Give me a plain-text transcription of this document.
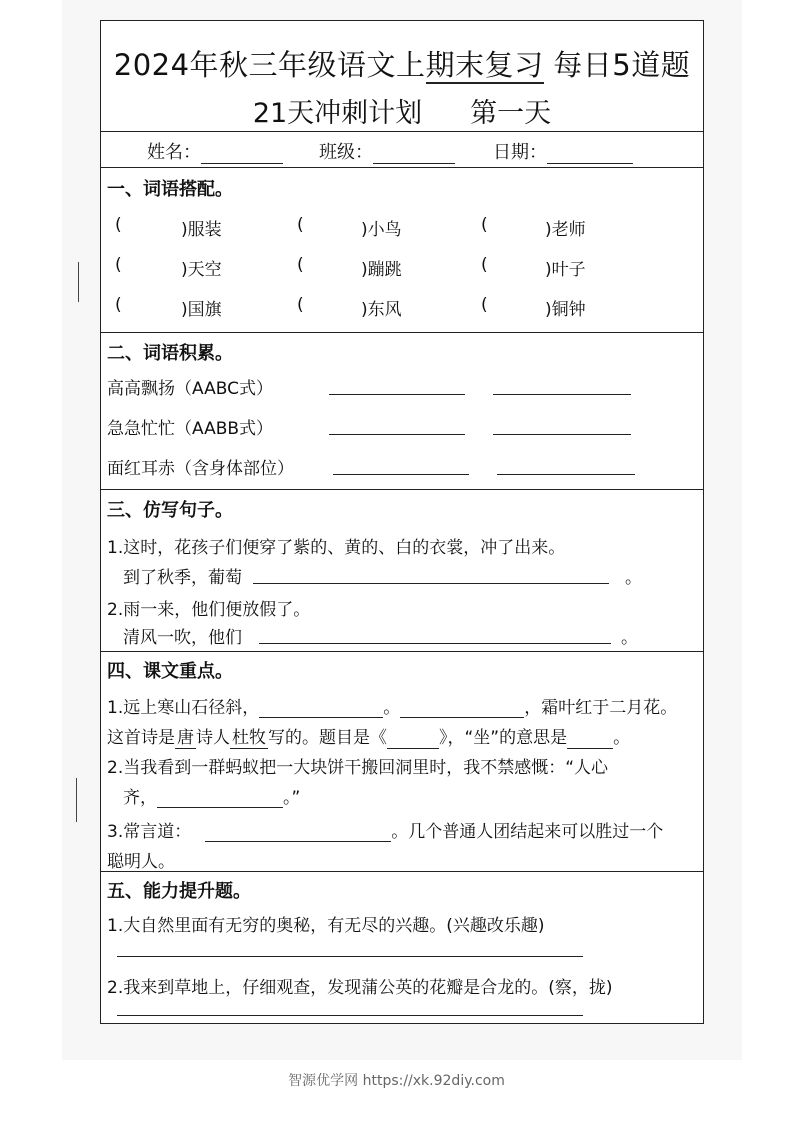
2024年秋三年级语文上期末复习 每日5道题
21天冲刺计划 第一天
姓名：	班级：	日期：
一、词语搭配。
(	)服装	(	)小鸟	(	)老师
(	)天空	(	)蹦跳	(	)叶子
(	)国旗	(	)东风	(	)铜钟
二、词语积累。
高高飘扬（AABC式）
急急忙忙（AABB式）
面红耳赤（含身体部位）
三、仿写句子。
1.这时，花孩子们便穿了紫的、黄的、白的衣裳，冲了出来。
到了秋季，葡萄	。
2.雨一来，他们便放假了。
清风一吹，他们	。
四、课文重点。
1.远上寒山石径斜，	。	，霜叶红于二月花。
这首诗是 唐 诗人 杜牧 写的。题目是《	》，“坐”的意思是	。
2.当我看到一群蚂蚁把一大块饼干搬回洞里时，我不禁感慨：“人心
齐，	。”
3.常言道：	。几个普通人团结起来可以胜过一个
聪明人。
五、能力提升题。
1.大自然里面有无穷的奥秘，有无尽的兴趣。(兴趣改乐趣)
2.我来到草地上，仔细观查，发现蒲公英的花瓣是合龙的。(察，拢)
智源优学网 https://xk.92diy.com
